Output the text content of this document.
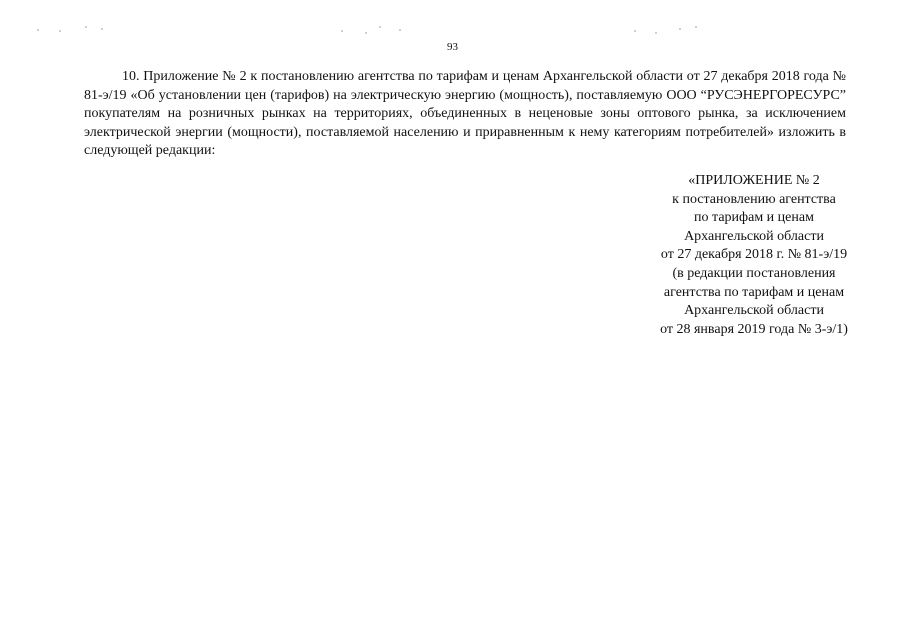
93

10. Приложение № 2 к постановлению агентства по тарифам и ценам Архангельской области от 27 декабря 2018 года № 81-э/19 «Об установлении цен (тарифов) на электрическую энергию (мощность), поставляемую ООО “РУСЭНЕРГОРЕСУРС” покупателям на розничных рынках на территориях, объединенных в неценовые зоны оптового рынка, за исключением электрической энергии (мощности), поставляемой населению и приравненным к нему категориям потребителей» изложить в следующей редакции:

«ПРИЛОЖЕНИЕ № 2
к постановлению агентства
по тарифам и ценам
Архангельской области
от 27 декабря 2018 г. № 81-э/19
(в редакции постановления
агентства по тарифам и ценам
Архангельской области
от 28 января 2019 года № 3-э/1)
